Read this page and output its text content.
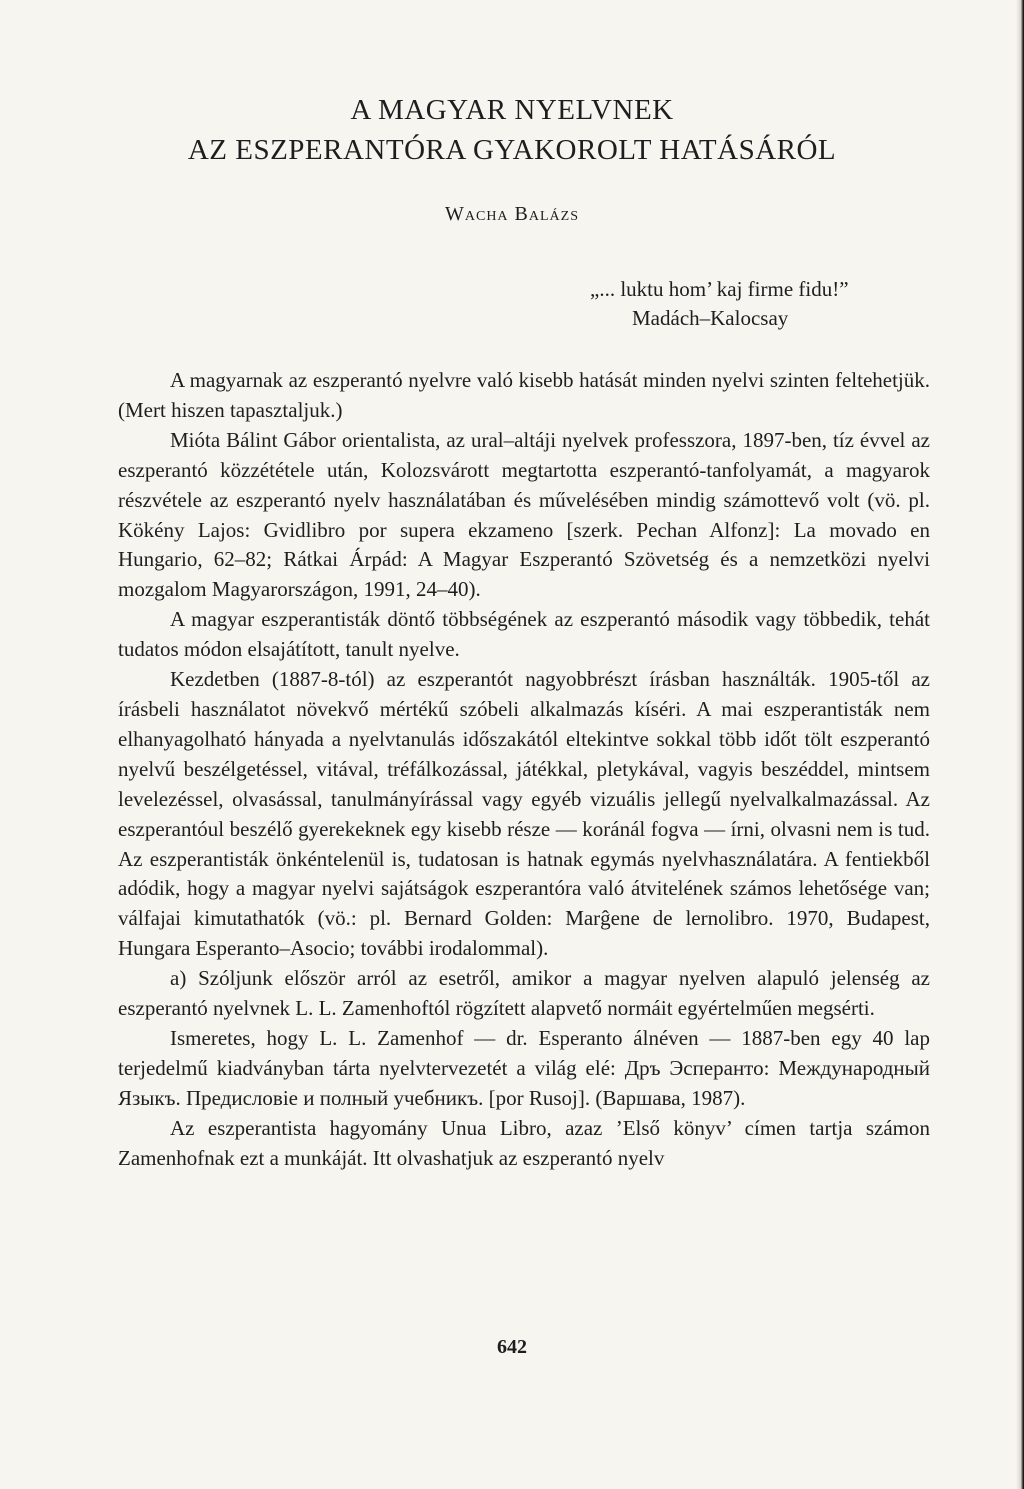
A MAGYAR NYELVNEK
AZ ESZPERANTÓRA GYAKOROLT HATÁSÁRÓL
Wacha Balázs
„... luktu hom’ kaj firme fidu!”
Madách–Kalocsay

A magyarnak az eszperantó nyelvre való kisebb hatását minden nyelvi szinten feltehetjük. (Mert hiszen tapasztaljuk.)

Mióta Bálint Gábor orientalista, az ural–altáji nyelvek professzora, 1897-ben, tíz évvel az eszperantó közzététele után, Kolozsvárott megtartotta eszperantó-tanfolyamát, a magyarok részvétele az eszperantó nyelv használatában és művelésében mindig számottevő volt (vö. pl. Kökény Lajos: Gvidlibro por supera ekzameno [szerk. Pechan Alfonz]: La movado en Hungario, 62–82; Rátkai Árpád: A Magyar Eszperantó Szövetség és a nemzetközi nyelvi mozgalom Magyarországon, 1991, 24–40).

A magyar eszperantisták döntő többségének az eszperantó második vagy többedik, tehát tudatos módon elsajátított, tanult nyelve.

Kezdetben (1887-8-tól) az eszperantót nagyobbrészt írásban használták. 1905-től az írásbeli használatot növekvő mértékű szóbeli alkalmazás kíséri. A mai eszperantisták nem elhanyagolható hányada a nyelvtanulás időszakától eltekintve sokkal több időt tölt eszperantó nyelvű beszélgetéssel, vitával, tréfálkozással, játékkal, pletykával, vagyis beszéddel, mintsem levelezéssel, olvasással, tanulmányírással vagy egyéb vizuális jellegű nyelvalkalmazással. Az eszperantóul beszélő gyerekeknek egy kisebb része — koránál fogva — írni, olvasni nem is tud. Az eszperantisták önkéntelenül is, tudatosan is hatnak egymás nyelvhasználatára. A fentiekből adódik, hogy a magyar nyelvi sajátságok eszperantóra való átvitelének számos lehetősége van; válfajai kimutathatók (vö.: pl. Bernard Golden: Marĝene de lernolibro. 1970, Budapest, Hungara Esperanto–Asocio; további irodalommal).

a) Szóljunk először arról az esetről, amikor a magyar nyelven alapuló jelenség az eszperantó nyelvnek L. L. Zamenhoftól rögzített alapvető normáit egyértelműen megsérti.

Ismeretes, hogy L. L. Zamenhof — dr. Esperanto álnéven — 1887-ben egy 40 lap terjedelmű kiadványban tárta nyelvtervezetét a világ elé: Дръ Эсперанто: Международный Языкъ. Предисловіе и полный учебникъ. [por Rusoj]. (Варшава, 1987).

Az eszperantista hagyomány Unua Libro, azaz ’Első könyv’ címen tartja számon Zamenhofnak ezt a munkáját. Itt olvashatjuk az eszperantó nyelv

642
